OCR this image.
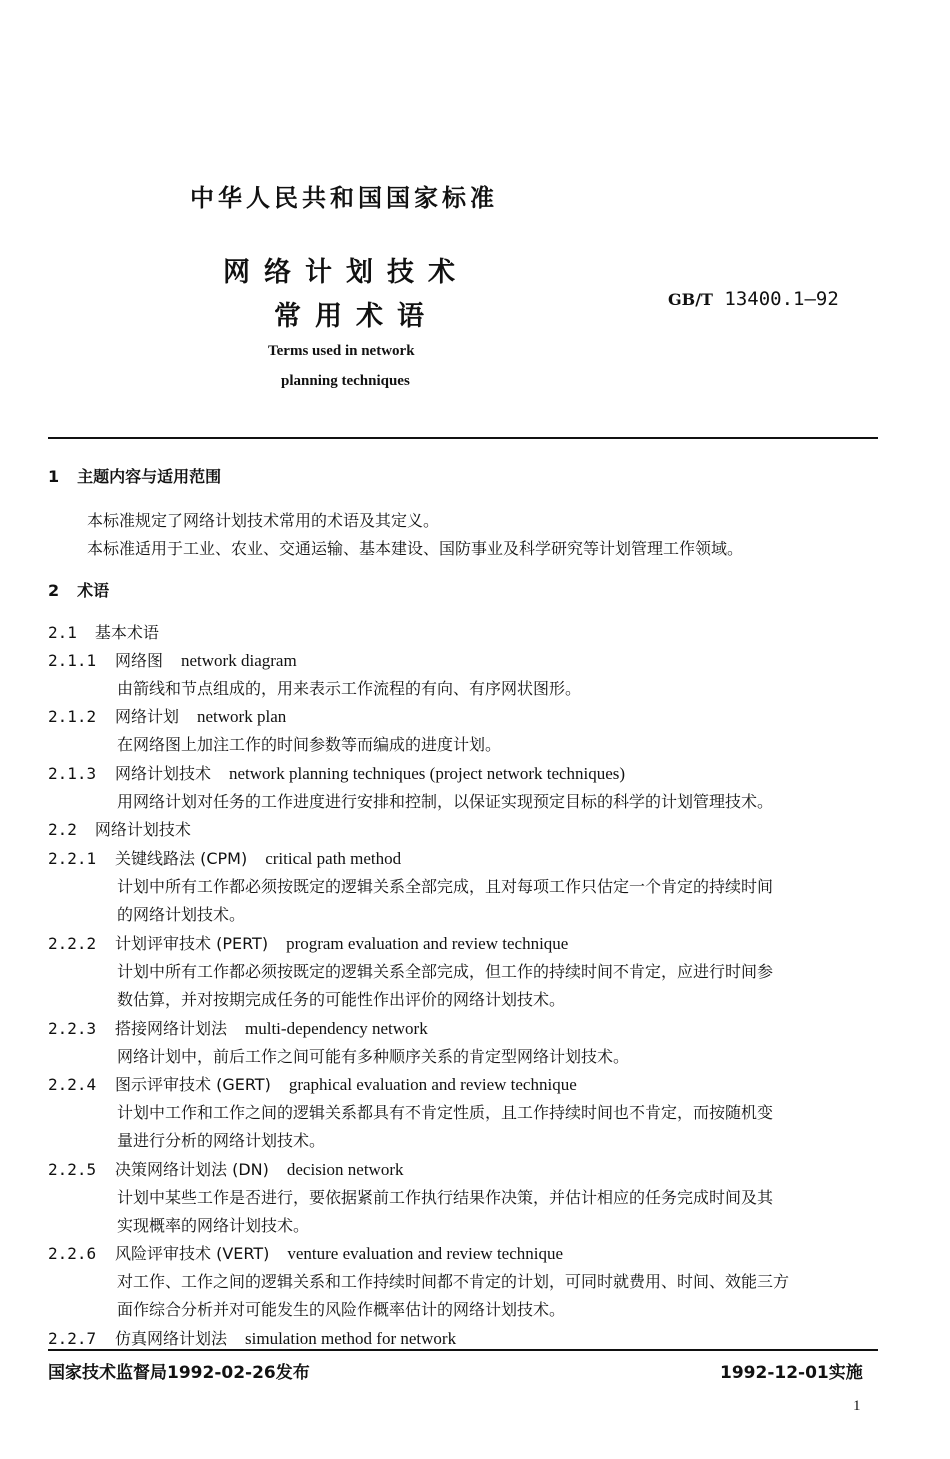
中华人民共和国国家标准
网络计划技术
常用术语
GB/T 13400.1—92
Terms used in network
planning techniques
1 主题内容与适用范围
本标准规定了网络计划技术常用的术语及其定义。
本标准适用于工业、农业、交通运输、基本建设、国防事业及科学研究等计划管理工作领域。
2 术语
2.1 基本术语
2.1.1 网络图 network diagram
由箭线和节点组成的，用来表示工作流程的有向、有序网状图形。
2.1.2 网络计划 network plan
在网络图上加注工作的时间参数等而编成的进度计划。
2.1.3 网络计划技术 network planning techniques (project network techniques)
用网络计划对任务的工作进度进行安排和控制，以保证实现预定目标的科学的计划管理技术。
2.2 网络计划技术
2.2.1 关键线路法 (CPM) critical path method
计划中所有工作都必须按既定的逻辑关系全部完成，且对每项工作只估定一个肯定的持续时间
的网络计划技术。
2.2.2 计划评审技术 (PERT) program evaluation and review technique
计划中所有工作都必须按既定的逻辑关系全部完成，但工作的持续时间不肯定，应进行时间参
数估算，并对按期完成任务的可能性作出评价的网络计划技术。
2.2.3 搭接网络计划法 multi-dependency network
网络计划中，前后工作之间可能有多种顺序关系的肯定型网络计划技术。
2.2.4 图示评审技术 (GERT) graphical evaluation and review technique
计划中工作和工作之间的逻辑关系都具有不肯定性质，且工作持续时间也不肯定，而按随机变
量进行分析的网络计划技术。
2.2.5 决策网络计划法 (DN) decision network
计划中某些工作是否进行，要依据紧前工作执行结果作决策，并估计相应的任务完成时间及其
实现概率的网络计划技术。
2.2.6 风险评审技术 (VERT) venture evaluation and review technique
对工作、工作之间的逻辑关系和工作持续时间都不肯定的计划，可同时就费用、时间、效能三方
面作综合分析并对可能发生的风险作概率估计的网络计划技术。
2.2.7 仿真网络计划法 simulation method for network
国家技术监督局1992-02-26发布	1992-12-01实施
1
